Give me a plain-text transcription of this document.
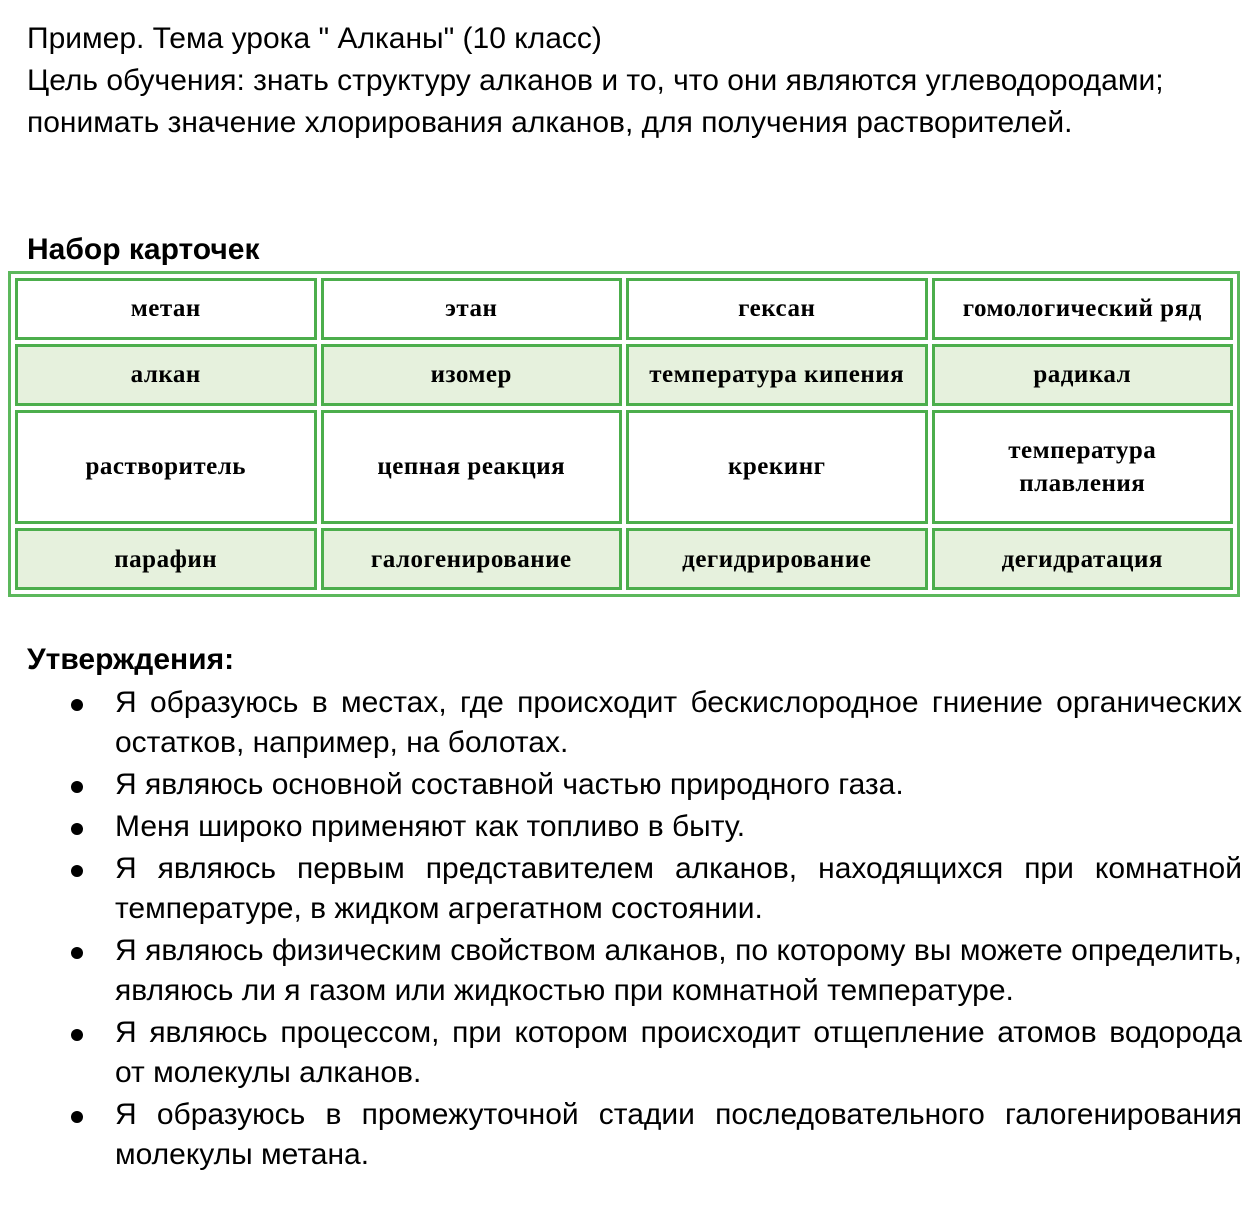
Пример. Тема урока " Алканы" (10 класс)

Цель обучения: знать структуру алканов и то, что они являются углеводородами; понимать значение хлорирования алканов, для получения растворителей.

Набор карточек
метан	этан	гексан	гомологический ряд
алкан	изомер	температура кипения	радикал
растворитель	цепная реакция	крекинг	температура плавления
парафин	галогенирование	дегидрирование	дегидратация
Утверждения:
Я образуюсь в местах, где происходит бескислородное гниение органических остатков, например, на болотах.
Я являюсь основной составной частью природного газа.
Меня широко применяют как топливо в быту.
Я являюсь первым представителем алканов, находящихся при комнатной температуре, в жидком агрегатном состоянии.
Я являюсь физическим свойством алканов, по которому вы можете определить, являюсь ли я газом или жидкостью при комнатной температуре.
Я являюсь процессом, при котором происходит отщепление атомов водорода от молекулы алканов.
Я образуюсь в промежуточной стадии последовательного галогенирования молекулы метана.
